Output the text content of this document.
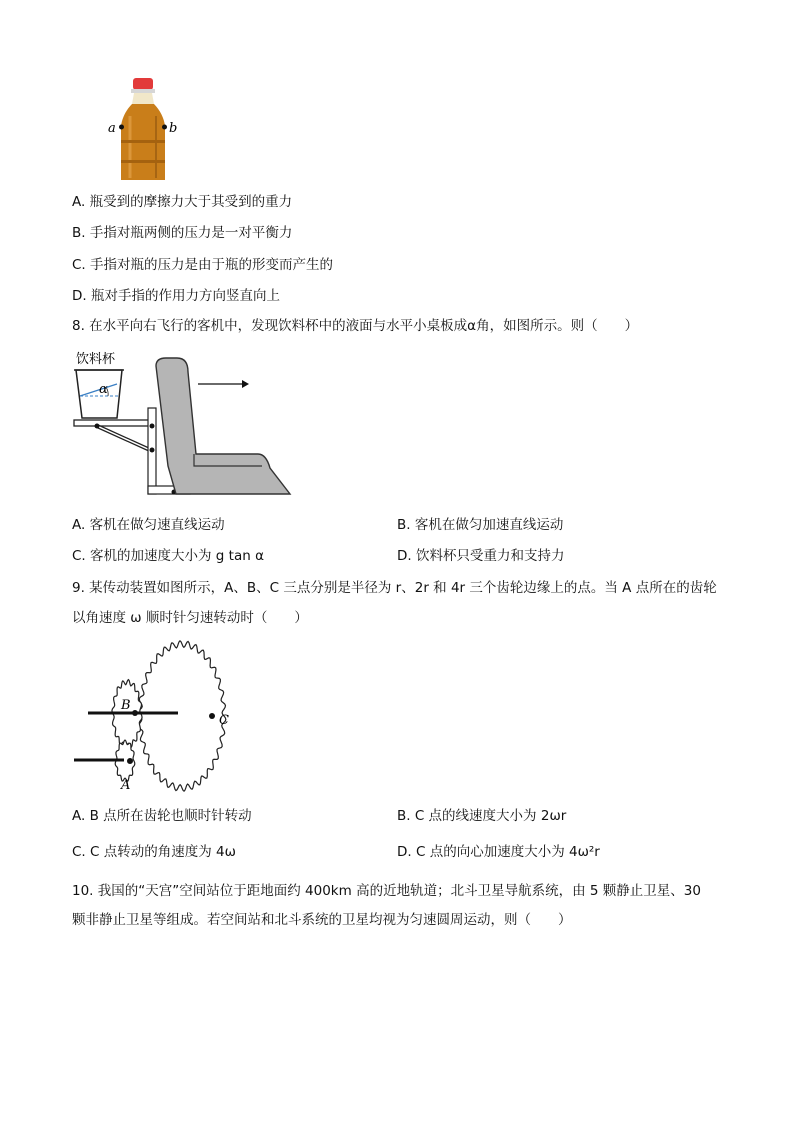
a	b
A. 瓶受到的摩擦力大于其受到的重力
B. 手指对瓶两侧的压力是一对平衡力
C. 手指对瓶的压力是由于瓶的形变而产生的
D. 瓶对手指的作用力方向竖直向上
8. 在水平向右飞行的客机中，发现饮料杯中的液面与水平小桌板成α角，如图所示。则（　　）
饮料杯
α
A. 客机在做匀速直线运动	B. 客机在做匀加速直线运动
C. 客机的加速度大小为 g tan α	D. 饮料杯只受重力和支持力
9. 某传动装置如图所示，A、B、C 三点分别是半径为 r、2r 和 4r 三个齿轮边缘上的点。当 A 点所在的齿轮
以角速度 ω 顺时针匀速转动时（　　）
B
C
A
A. B 点所在齿轮也顺时针转动	B. C 点的线速度大小为 2ωr
C. C 点转动的角速度为 4ω	D. C 点的向心加速度大小为 4ω²r
10. 我国的“天宫”空间站位于距地面约 400km 高的近地轨道；北斗卫星导航系统，由 5 颗静止卫星、30
颗非静止卫星等组成。若空间站和北斗系统的卫星均视为匀速圆周运动，则（　　）
